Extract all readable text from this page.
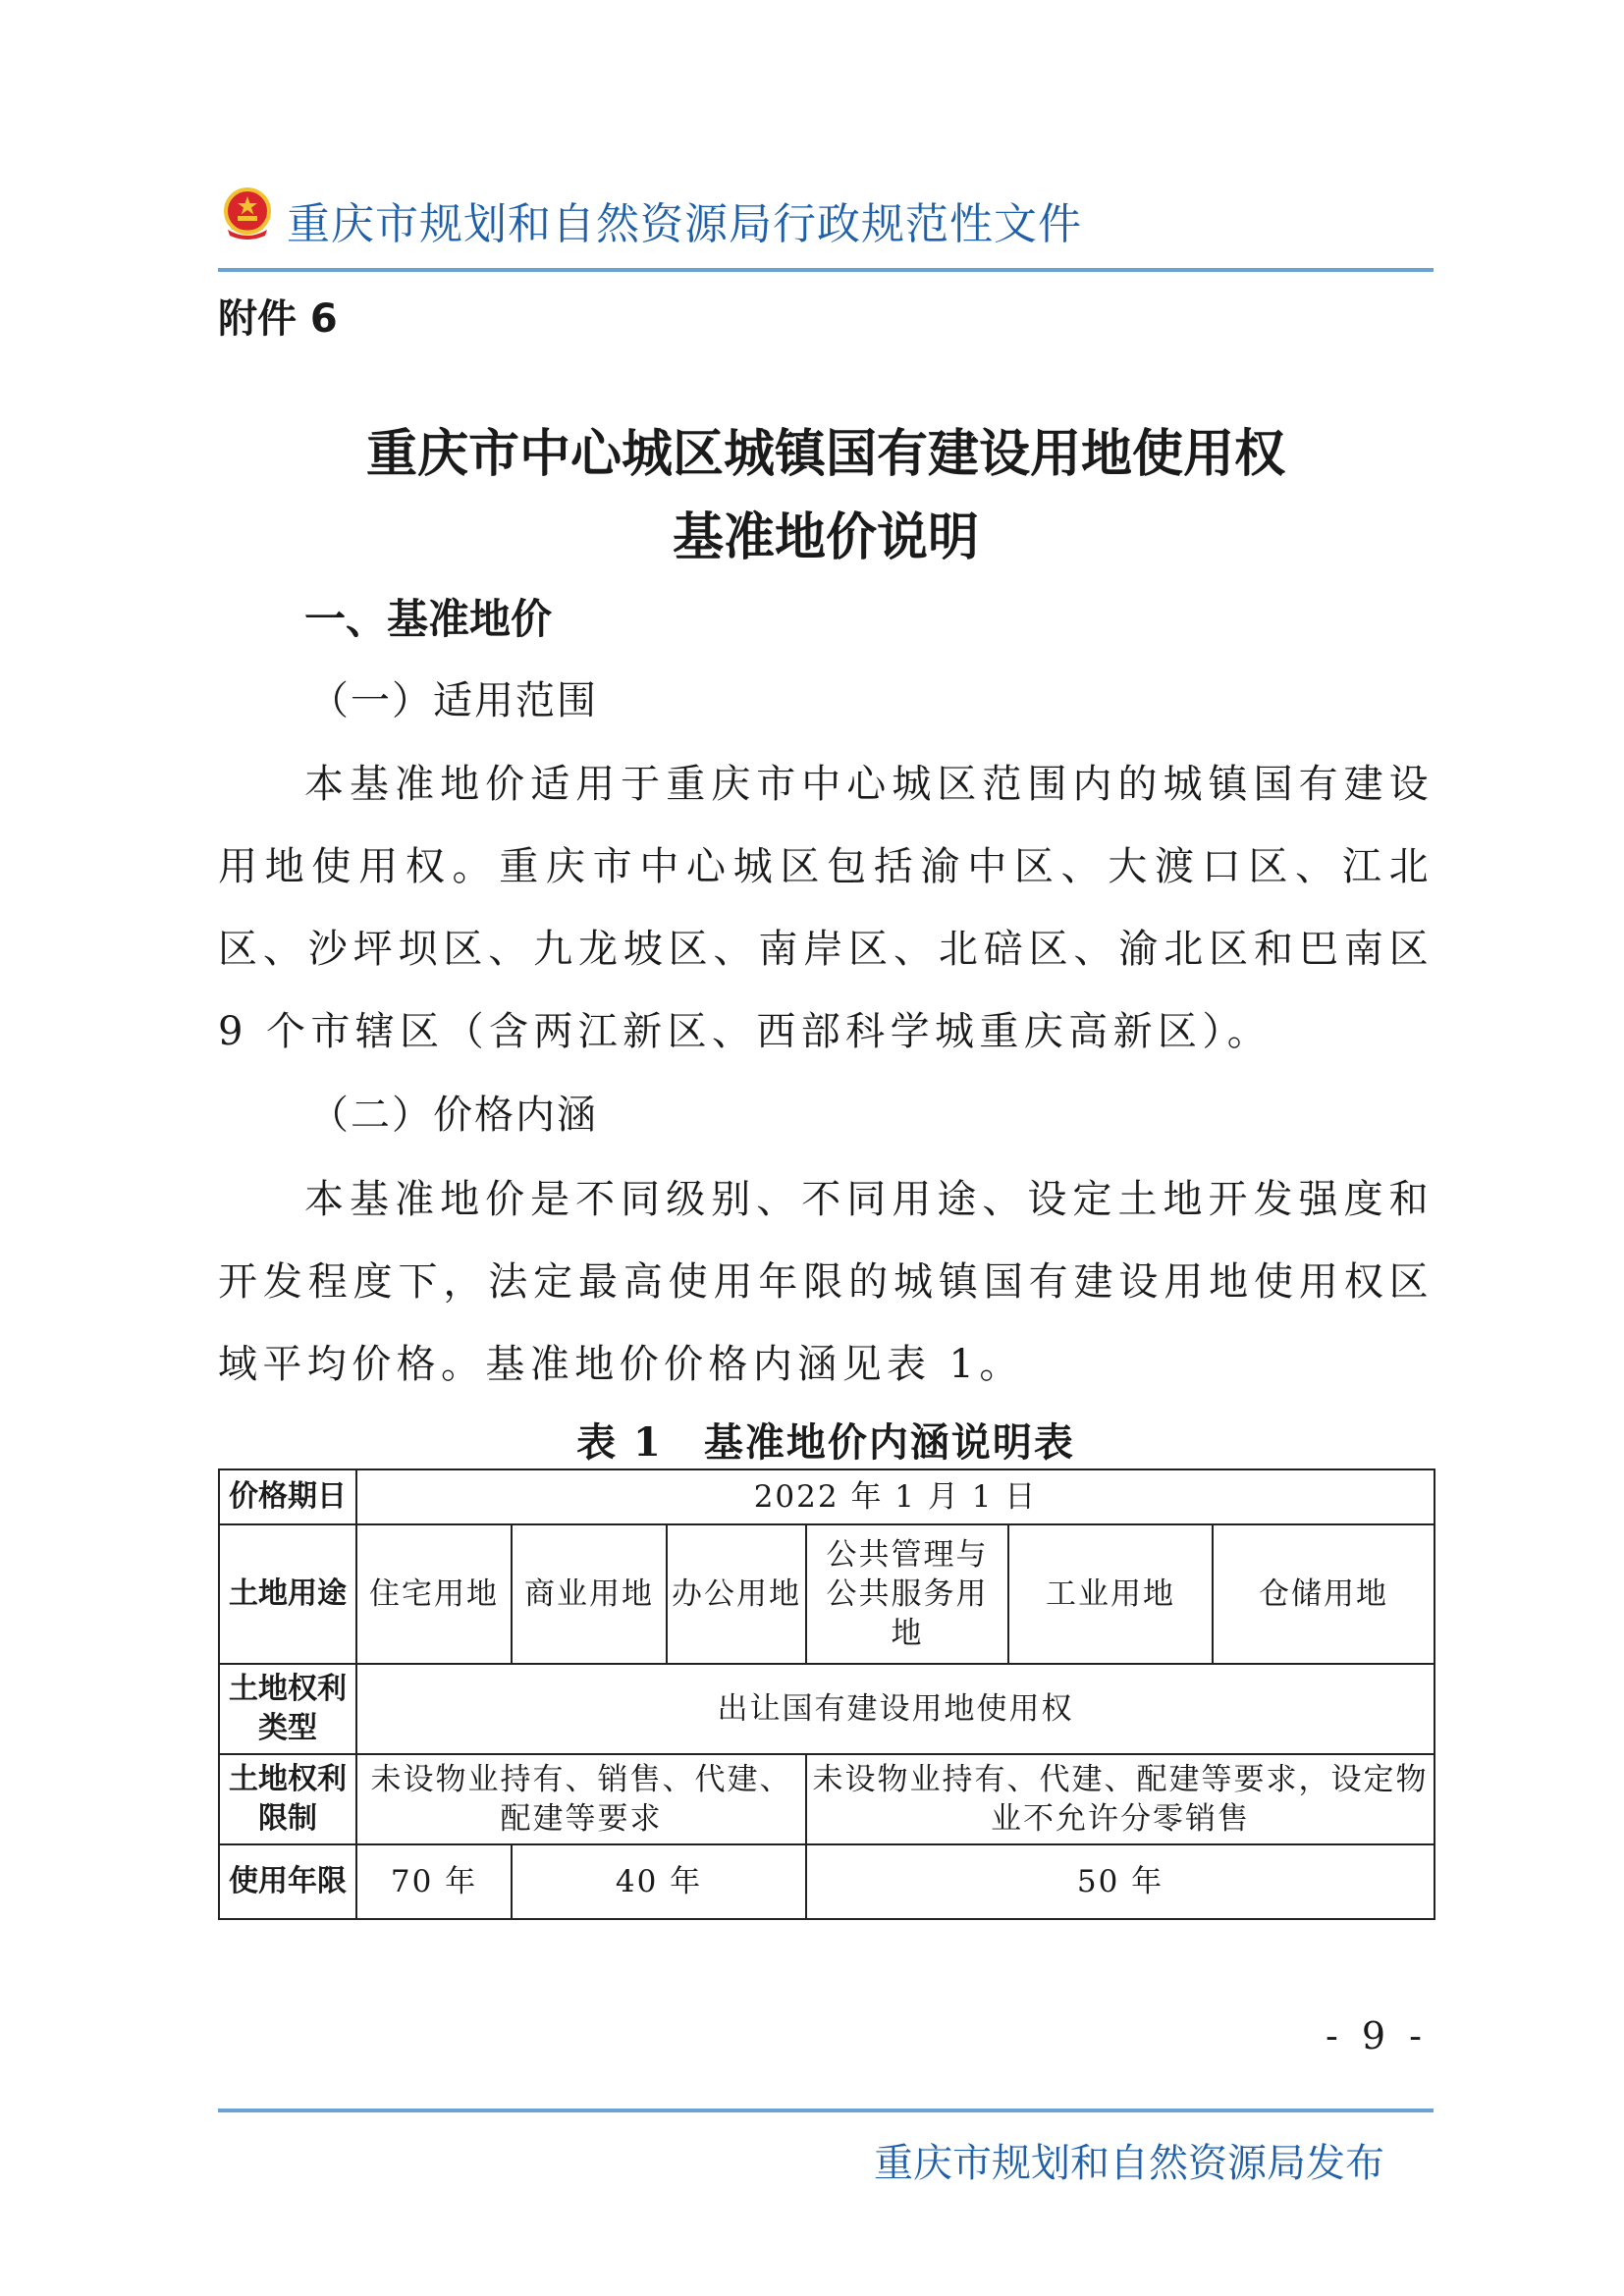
重庆市规划和自然资源局行政规范性文件
附件 6
重庆市中心城区城镇国有建设用地使用权
基准地价说明
一、基准地价
（一）适用范围
本基准地价适用于重庆市中心城区范围内的城镇国有建设用地使用权。重庆市中心城区包括渝中区、大渡口区、江北区、沙坪坝区、九龙坡区、南岸区、北碚区、渝北区和巴南区 9 个市辖区（含两江新区、西部科学城重庆高新区）。
（二）价格内涵
本基准地价是不同级别、不同用途、设定土地开发强度和开发程度下，法定最高使用年限的城镇国有建设用地使用权区域平均价格。基准地价价格内涵见表 1。
表 1　基准地价内涵说明表
价格期日	2022 年 1 月 1 日					
土地用途	住宅用地	商业用地	办公用地	公共管理与公共服务用地	工业用地	仓储用地
土地权利类型	出让国有建设用地使用权					
土地权利限制	未设物业持有、销售、代建、配建等要求			未设物业持有、代建、配建等要求，设定物业不允许分零销售		
使用年限	70 年	40 年		50 年		
- 9 -
重庆市规划和自然资源局发布
